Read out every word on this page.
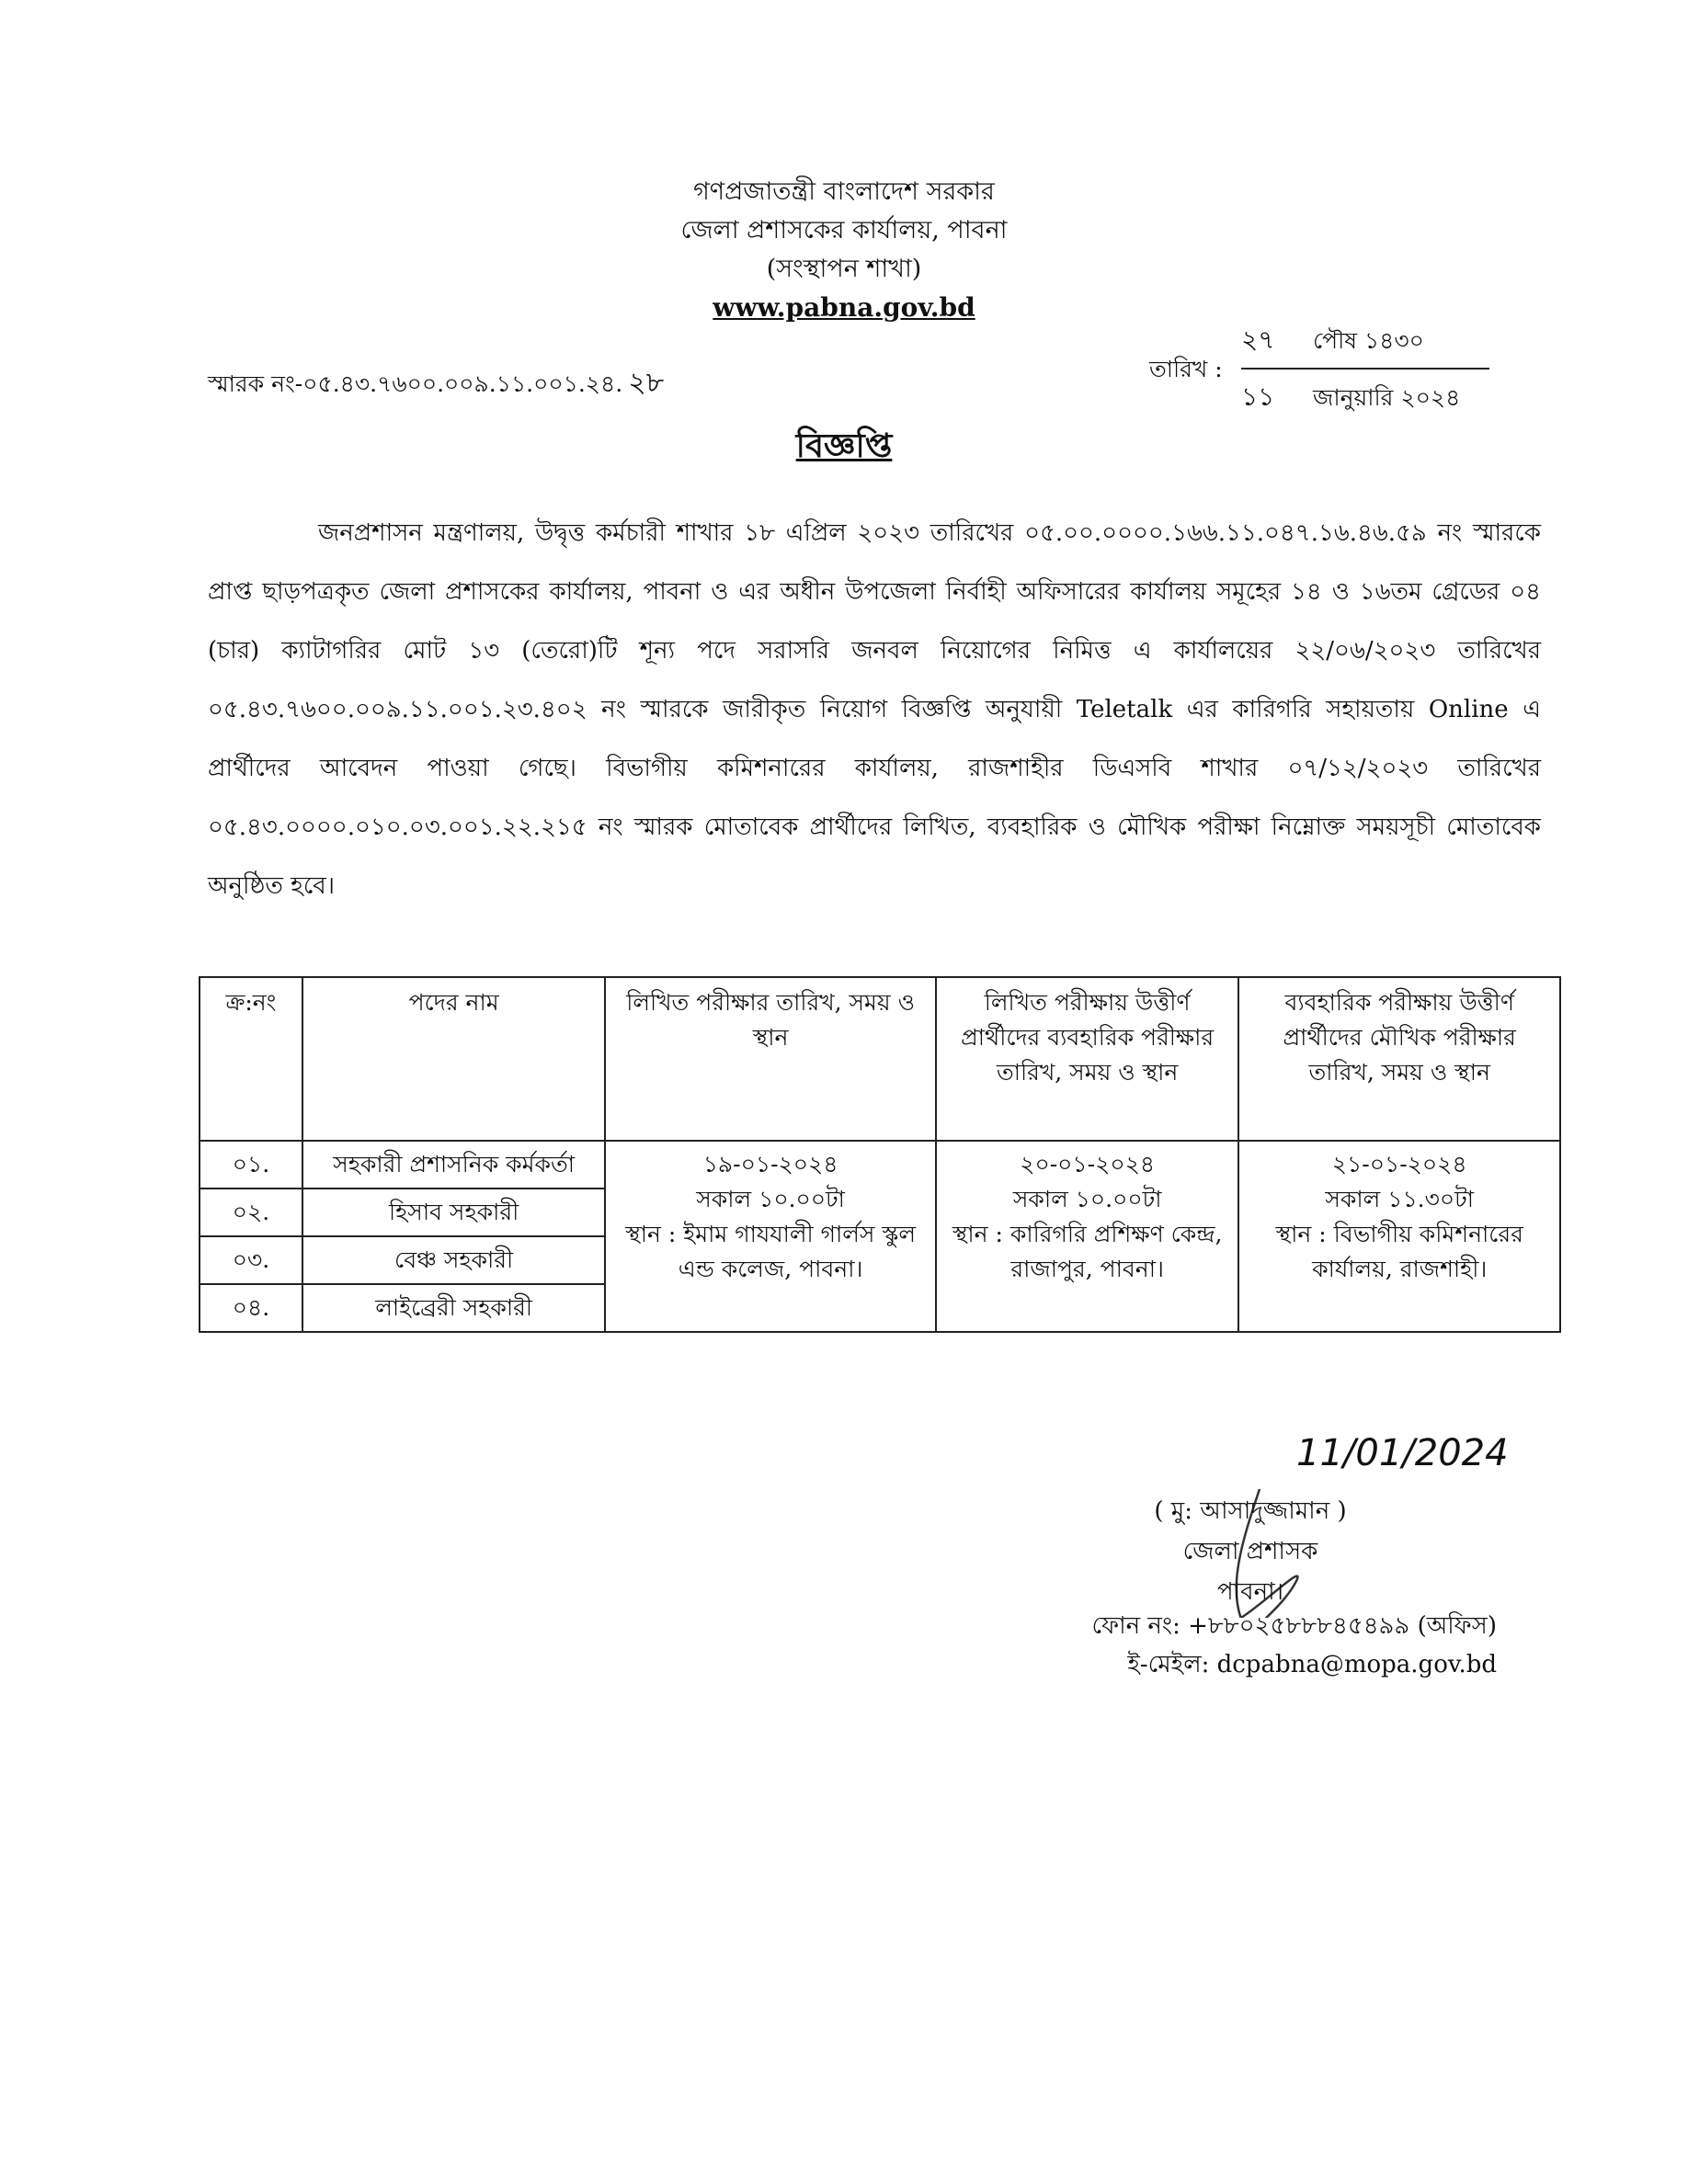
গণপ্রজাতন্ত্রী বাংলাদেশ সরকার
জেলা প্রশাসকের কার্যালয়, পাবনা
(সংস্থাপন শাখা)
www.pabna.gov.bd
স্মারক নং-০৫.৪৩.৭৬০০.০০৯.১১.০০১.২৪. ২৮	তারিখ :
২৭ পৌষ ১৪৩০
১১ জানুয়ারি ২০২৪
বিজ্ঞপ্তি
জনপ্রশাসন মন্ত্রণালয়, উদ্বৃত্ত কর্মচারী শাখার ১৮ এপ্রিল ২০২৩ তারিখের ০৫.০০.০০০০.১৬৬.১১.০৪৭.১৬.৪৬.৫৯ নং স্মারকে প্রাপ্ত ছাড়পত্রকৃত জেলা প্রশাসকের কার্যালয়, পাবনা ও এর অধীন উপজেলা নির্বাহী অফিসারের কার্যালয় সমূহের ১৪ ও ১৬তম গ্রেডের ০৪ (চার) ক্যাটাগরির মোট ১৩ (তেরো)টি শূন্য পদে সরাসরি জনবল নিয়োগের নিমিত্ত এ কার্যালয়ের ২২/০৬/২০২৩ তারিখের ০৫.৪৩.৭৬০০.০০৯.১১.০০১.২৩.৪০২ নং স্মারকে জারীকৃত নিয়োগ বিজ্ঞপ্তি অনুযায়ী Teletalk এর কারিগরি সহায়তায় Online এ প্রার্থীদের আবেদন পাওয়া গেছে। বিভাগীয় কমিশনারের কার্যালয়, রাজশাহীর ডিএসবি শাখার ০৭/১২/২০২৩ তারিখের ০৫.৪৩.০০০০.০১০.০৩.০০১.২২.২১৫ নং স্মারক মোতাবেক প্রার্থীদের লিখিত, ব্যবহারিক ও মৌখিক পরীক্ষা নিম্নোক্ত সময়সূচী মোতাবেক অনুষ্ঠিত হবে।
ক্র:নং	পদের নাম	লিখিত পরীক্ষার তারিখ, সময় ও স্থান	লিখিত পরীক্ষায় উত্তীর্ণ প্রার্থীদের ব্যবহারিক পরীক্ষার তারিখ, সময় ও স্থান	ব্যবহারিক পরীক্ষায় উত্তীর্ণ প্রার্থীদের মৌখিক পরীক্ষার তারিখ, সময় ও স্থান
০১.	সহকারী প্রশাসনিক কর্মকর্তা	১৯-০১-২০২৪
সকাল ১০.০০টা
স্থান : ইমাম গাযযালী গার্লস স্কুল এন্ড কলেজ, পাবনা।	২০-০১-২০২৪
সকাল ১০.০০টা
স্থান : কারিগরি প্রশিক্ষণ কেন্দ্র, রাজাপুর, পাবনা।	২১-০১-২০২৪
সকাল ১১.৩০টা
স্থান : বিভাগীয় কমিশনারের কার্যালয়, রাজশাহী।
০২.	হিসাব সহকারী			
০৩.	বেঞ্চ সহকারী			
০৪.	লাইব্রেরী সহকারী			
11/01/2024
( মু: আসাদুজ্জামান )
জেলা প্রশাসক
পাবনা।
ফোন নং: +৮৮০২৫৮৮৮৪৫৪৯৯ (অফিস)
ই-মেইল: dcpabna@mopa.gov.bd
